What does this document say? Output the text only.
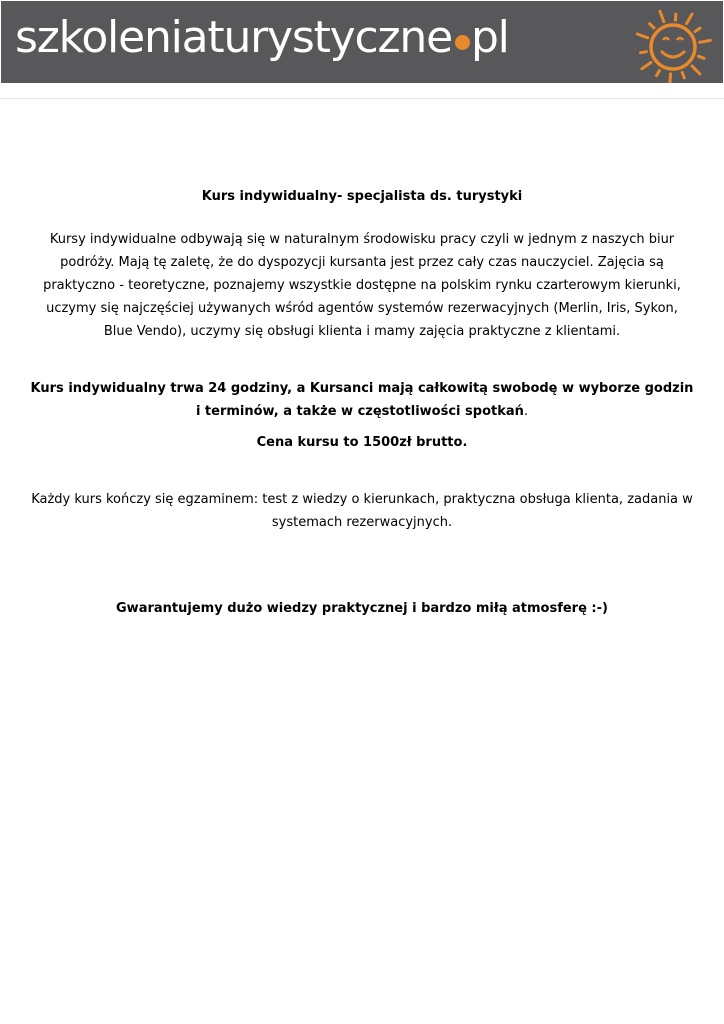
szkoleniaturystyczne pl

Kurs indywidualny- specjalista ds. turystyki

Kursy indywidualne odbywają się w naturalnym środowisku pracy czyli w jednym z naszych biur podróży. Mają tę zaletę, że do dyspozycji kursanta jest przez cały czas nauczyciel. Zajęcia są praktyczno - teoretyczne, poznajemy wszystkie dostępne na polskim rynku czarterowym kierunki, uczymy się najczęściej używanych wśród agentów systemów rezerwacyjnych (Merlin, Iris, Sykon, Blue Vendo), uczymy się obsługi klienta i mamy zajęcia praktyczne z klientami.

Kurs indywidualny trwa 24 godziny, a Kursanci mają całkowitą swobodę w wyborze godzin i terminów, a także w częstotliwości spotkań.

Cena kursu to 1500zł brutto.

Każdy kurs kończy się egzaminem: test z wiedzy o kierunkach, praktyczna obsługa klienta, zadania w systemach rezerwacyjnych.

Gwarantujemy dużo wiedzy praktycznej i bardzo miłą atmosferę :-)
